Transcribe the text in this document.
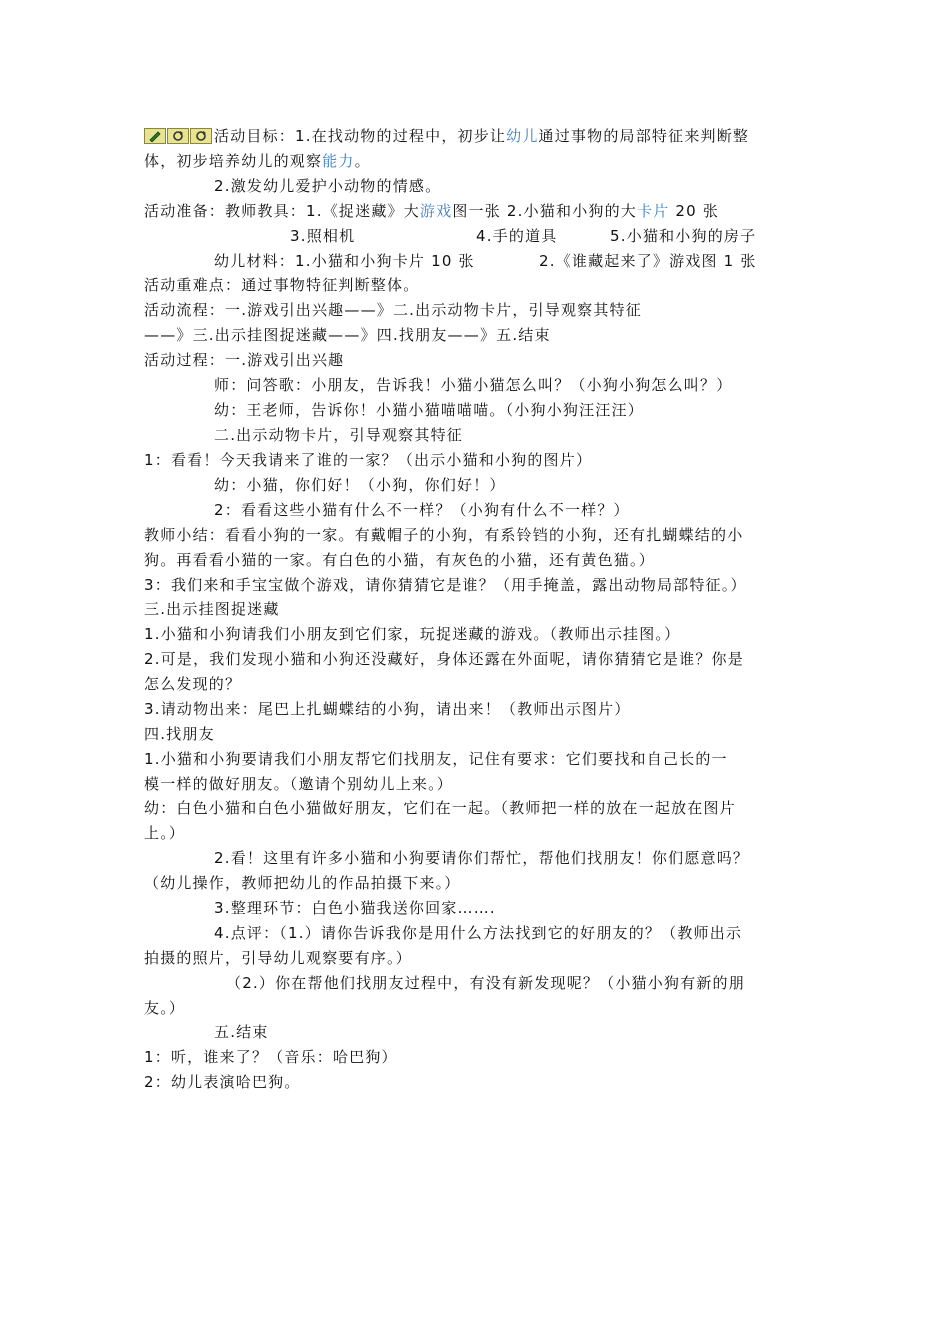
活动目标：1.在找动物的过程中，初步让幼儿通过事物的局部特征来判断整
体，初步培养幼儿的观察能力。
2.激发幼儿爱护小动物的情感。
活动准备：教师教具：1.《捉迷藏》大游戏图一张 2.小猫和小狗的大卡片 20 张
3.照相机	4.手的道具	5.小猫和小狗的房子
幼儿材料：1.小猫和小狗卡片 10 张	2.《谁藏起来了》游戏图 1 张
活动重难点：通过事物特征判断整体。
活动流程：一.游戏引出兴趣——》二.出示动物卡片，引导观察其特征
——》三.出示挂图捉迷藏——》四.找朋友——》五.结束
活动过程：一.游戏引出兴趣
师：问答歌：小朋友，告诉我！小猫小猫怎么叫？（小狗小狗怎么叫？）
幼：王老师，告诉你！小猫小猫喵喵喵。（小狗小狗汪汪汪）
二.出示动物卡片，引导观察其特征
1：看看！今天我请来了谁的一家？（出示小猫和小狗的图片）
幼：小猫，你们好！（小狗，你们好！）
2：看看这些小猫有什么不一样？（小狗有什么不一样？）
教师小结：看看小狗的一家。有戴帽子的小狗，有系铃铛的小狗，还有扎蝴蝶结的小
狗。再看看小猫的一家。有白色的小猫，有灰色的小猫，还有黄色猫。）
3：我们来和手宝宝做个游戏，请你猜猜它是谁？（用手掩盖，露出动物局部特征。）
三.出示挂图捉迷藏
1.小猫和小狗请我们小朋友到它们家，玩捉迷藏的游戏。（教师出示挂图。）
2.可是，我们发现小猫和小狗还没藏好，身体还露在外面呢，请你猜猜它是谁？你是
怎么发现的？
3.请动物出来：尾巴上扎蝴蝶结的小狗，请出来！（教师出示图片）
四.找朋友
1.小猫和小狗要请我们小朋友帮它们找朋友，记住有要求：它们要找和自己长的一
模一样的做好朋友。（邀请个别幼儿上来。）
幼：白色小猫和白色小猫做好朋友，它们在一起。（教师把一样的放在一起放在图片
上。）
2.看！这里有许多小猫和小狗要请你们帮忙，帮他们找朋友！你们愿意吗？
（幼儿操作，教师把幼儿的作品拍摄下来。）
3.整理环节：白色小猫我送你回家…….
4.点评：（1.）请你告诉我你是用什么方法找到它的好朋友的？（教师出示
拍摄的照片，引导幼儿观察要有序。）
（2.）你在帮他们找朋友过程中，有没有新发现呢？（小猫小狗有新的朋
友。）
五.结束
1：听，谁来了？（音乐：哈巴狗）
2：幼儿表演哈巴狗。
